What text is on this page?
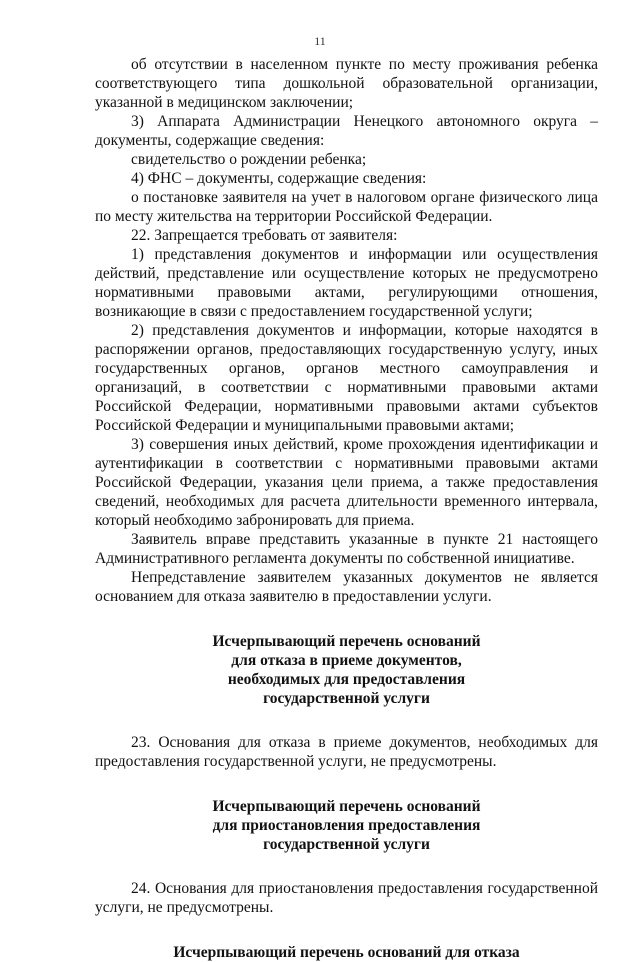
11

об отсутствии в населенном пункте по месту проживания ребенка соответствующего типа дошкольной образовательной организации, указанной в медицинском заключении;

3) Аппарата Администрации Ненецкого автономного округа – документы, содержащие сведения:

свидетельство о рождении ребенка;

4) ФНС – документы, содержащие сведения:

о постановке заявителя на учет в налоговом органе физического лица по месту жительства на территории Российской Федерации.

22. Запрещается требовать от заявителя:

1) представления документов и информации или осуществления действий, представление или осуществление которых не предусмотрено нормативными правовыми актами, регулирующими отношения, возникающие в связи с предоставлением государственной услуги;

2) представления документов и информации, которые находятся в распоряжении органов, предоставляющих государственную услугу, иных государственных органов, органов местного самоуправления и организаций, в соответствии с нормативными правовыми актами Российской Федерации, нормативными правовыми актами субъектов Российской Федерации и муниципальными правовыми актами;

3) совершения иных действий, кроме прохождения идентификации и аутентификации в соответствии с нормативными правовыми актами Российской Федерации, указания цели приема, а также предоставления сведений, необходимых для расчета длительности временного интервала, который необходимо забронировать для приема.

Заявитель вправе представить указанные в пункте 21 настоящего Административного регламента документы по собственной инициативе.

Непредставление заявителем указанных документов не является основанием для отказа заявителю в предоставлении услуги.

Исчерпывающий перечень оснований
для отказа в приеме документов,
необходимых для предоставления
государственной услуги

23. Основания для отказа в приеме документов, необходимых для предоставления государственной услуги, не предусмотрены.

Исчерпывающий перечень оснований
для приостановления предоставления
государственной услуги

24. Основания для приостановления предоставления государственной услуги, не предусмотрены.

Исчерпывающий перечень оснований для отказа
